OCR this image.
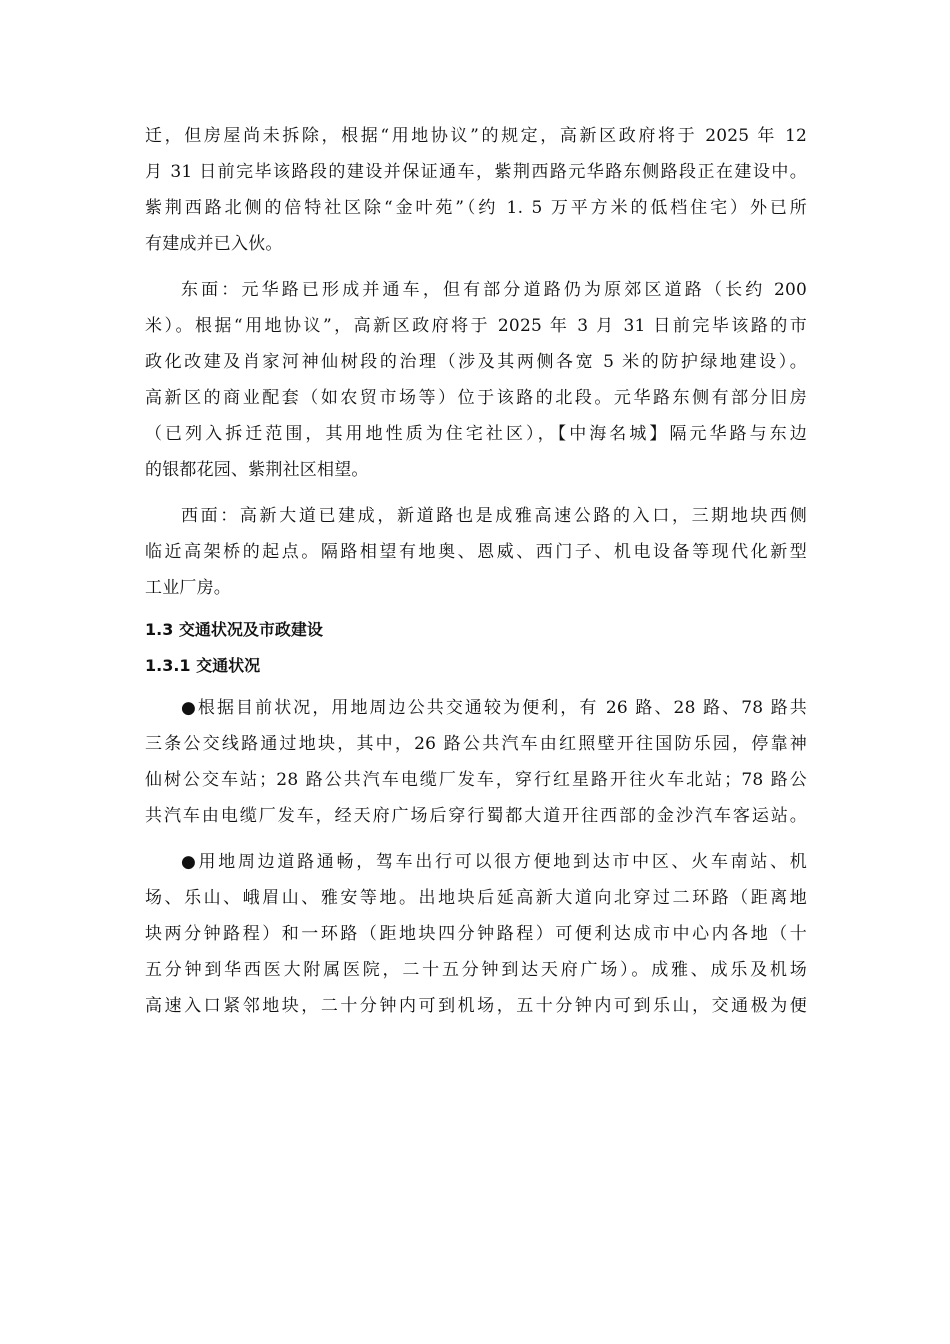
迁，但房屋尚未拆除，根据“用地协议”的规定，高新区政府将于 2025 年 12
月 31 日前完毕该路段的建设并保证通车，紫荆西路元华路东侧路段正在建设中。
紫荆西路北侧的倍特社区除“金叶苑”（约 1. 5 万平方米的低档住宅）外已所
有建成并已入伙。
东面：元华路已形成并通车，但有部分道路仍为原郊区道路（长约 200
米）。根据“用地协议”，高新区政府将于 2025 年 3 月 31 日前完毕该路的市
政化改建及肖家河神仙树段的治理（涉及其两侧各宽 5 米的防护绿地建设）。
高新区的商业配套（如农贸市场等）位于该路的北段。元华路东侧有部分旧房
（已列入拆迁范围，其用地性质为住宅社区），【中海名城】隔元华路与东边
的银都花园、紫荆社区相望。
西面：高新大道已建成，新道路也是成雅高速公路的入口，三期地块西侧
临近高架桥的起点。隔路相望有地奥、恩威、西门子、机电设备等现代化新型
工业厂房。
1.3 交通状况及市政建设
1.3.1 交通状况
●根据目前状况，用地周边公共交通较为便利，有 26 路、28 路、78 路共
三条公交线路通过地块，其中，26 路公共汽车由红照壁开往国防乐园，停靠神
仙树公交车站；28 路公共汽车电缆厂发车，穿行红星路开往火车北站；78 路公
共汽车由电缆厂发车，经天府广场后穿行蜀都大道开往西部的金沙汽车客运站。
●用地周边道路通畅，驾车出行可以很方便地到达市中区、火车南站、机
场、乐山、峨眉山、雅安等地。出地块后延高新大道向北穿过二环路（距离地
块两分钟路程）和一环路（距地块四分钟路程）可便利达成市中心内各地（十
五分钟到华西医大附属医院，二十五分钟到达天府广场）。成雅、成乐及机场
高速入口紧邻地块，二十分钟内可到机场，五十分钟内可到乐山，交通极为便
